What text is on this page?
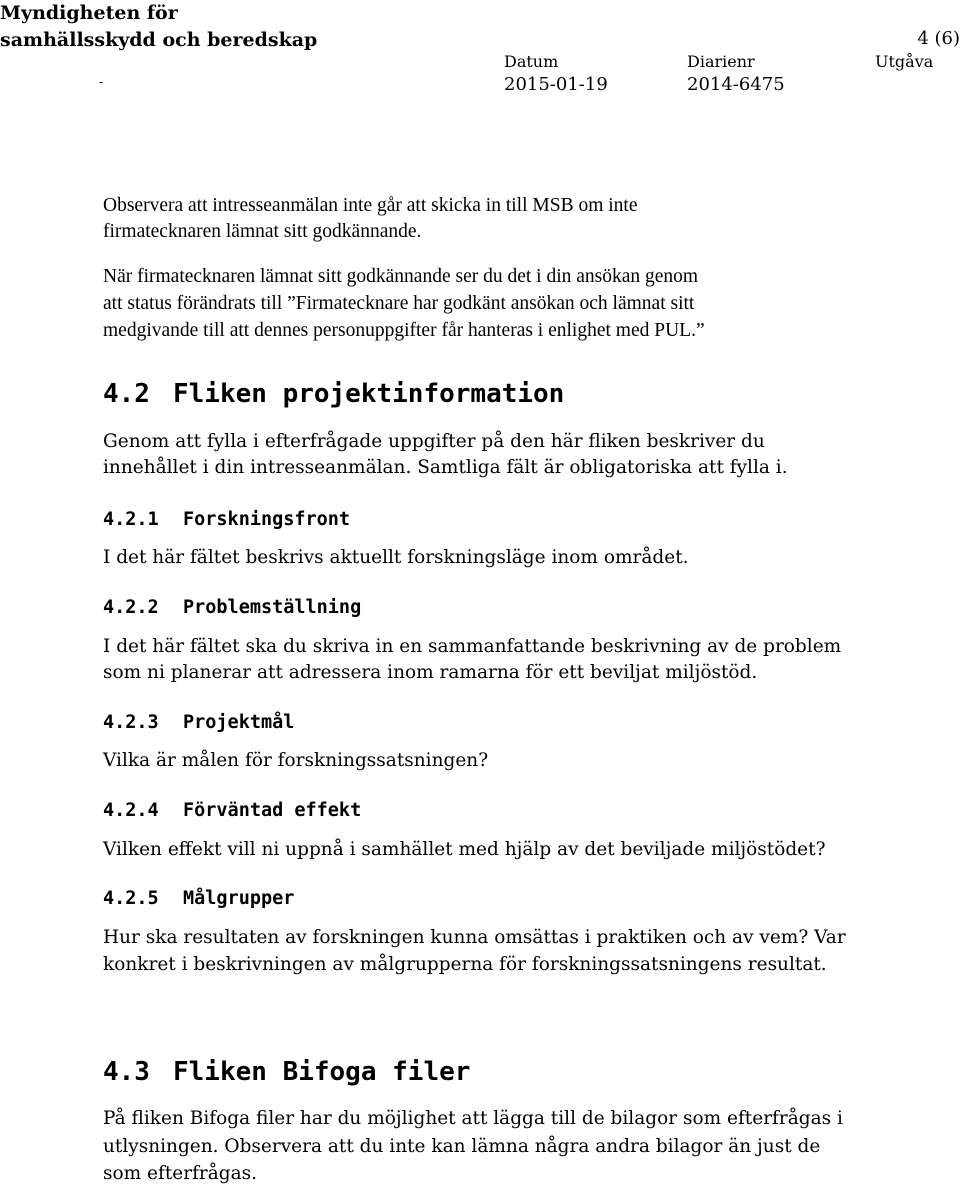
Myndigheten för
samhällsskydd och beredskap	4 (6)
Datum	Diarienr	Utgåva
2015-01-19	2014-6475
-
Observera att intresseanmälan inte går att skicka in till MSB om inte
firmatecknaren lämnat sitt godkännande.
När firmatecknaren lämnat sitt godkännande ser du det i din ansökan genom
att status förändrats till ”Firmatecknare har godkänt ansökan och lämnat sitt
medgivande till att dennes personuppgifter får hanteras i enlighet med PUL.”
4.2 Fliken projektinformation
Genom att fylla i efterfrågade uppgifter på den här fliken beskriver du
innehållet i din intresseanmälan. Samtliga fält är obligatoriska att fylla i.
4.2.1 Forskningsfront
I det här fältet beskrivs aktuellt forskningsläge inom området.
4.2.2 Problemställning
I det här fältet ska du skriva in en sammanfattande beskrivning av de problem
som ni planerar att adressera inom ramarna för ett beviljat miljöstöd.
4.2.3 Projektmål
Vilka är målen för forskningssatsningen?
4.2.4 Förväntad effekt
Vilken effekt vill ni uppnå i samhället med hjälp av det beviljade miljöstödet?
4.2.5 Målgrupper
Hur ska resultaten av forskningen kunna omsättas i praktiken och av vem? Var
konkret i beskrivningen av målgrupperna för forskningssatsningens resultat.
4.3 Fliken Bifoga filer
På fliken Bifoga filer har du möjlighet att lägga till de bilagor som efterfrågas i
utlysningen. Observera att du inte kan lämna några andra bilagor än just de
som efterfrågas.
